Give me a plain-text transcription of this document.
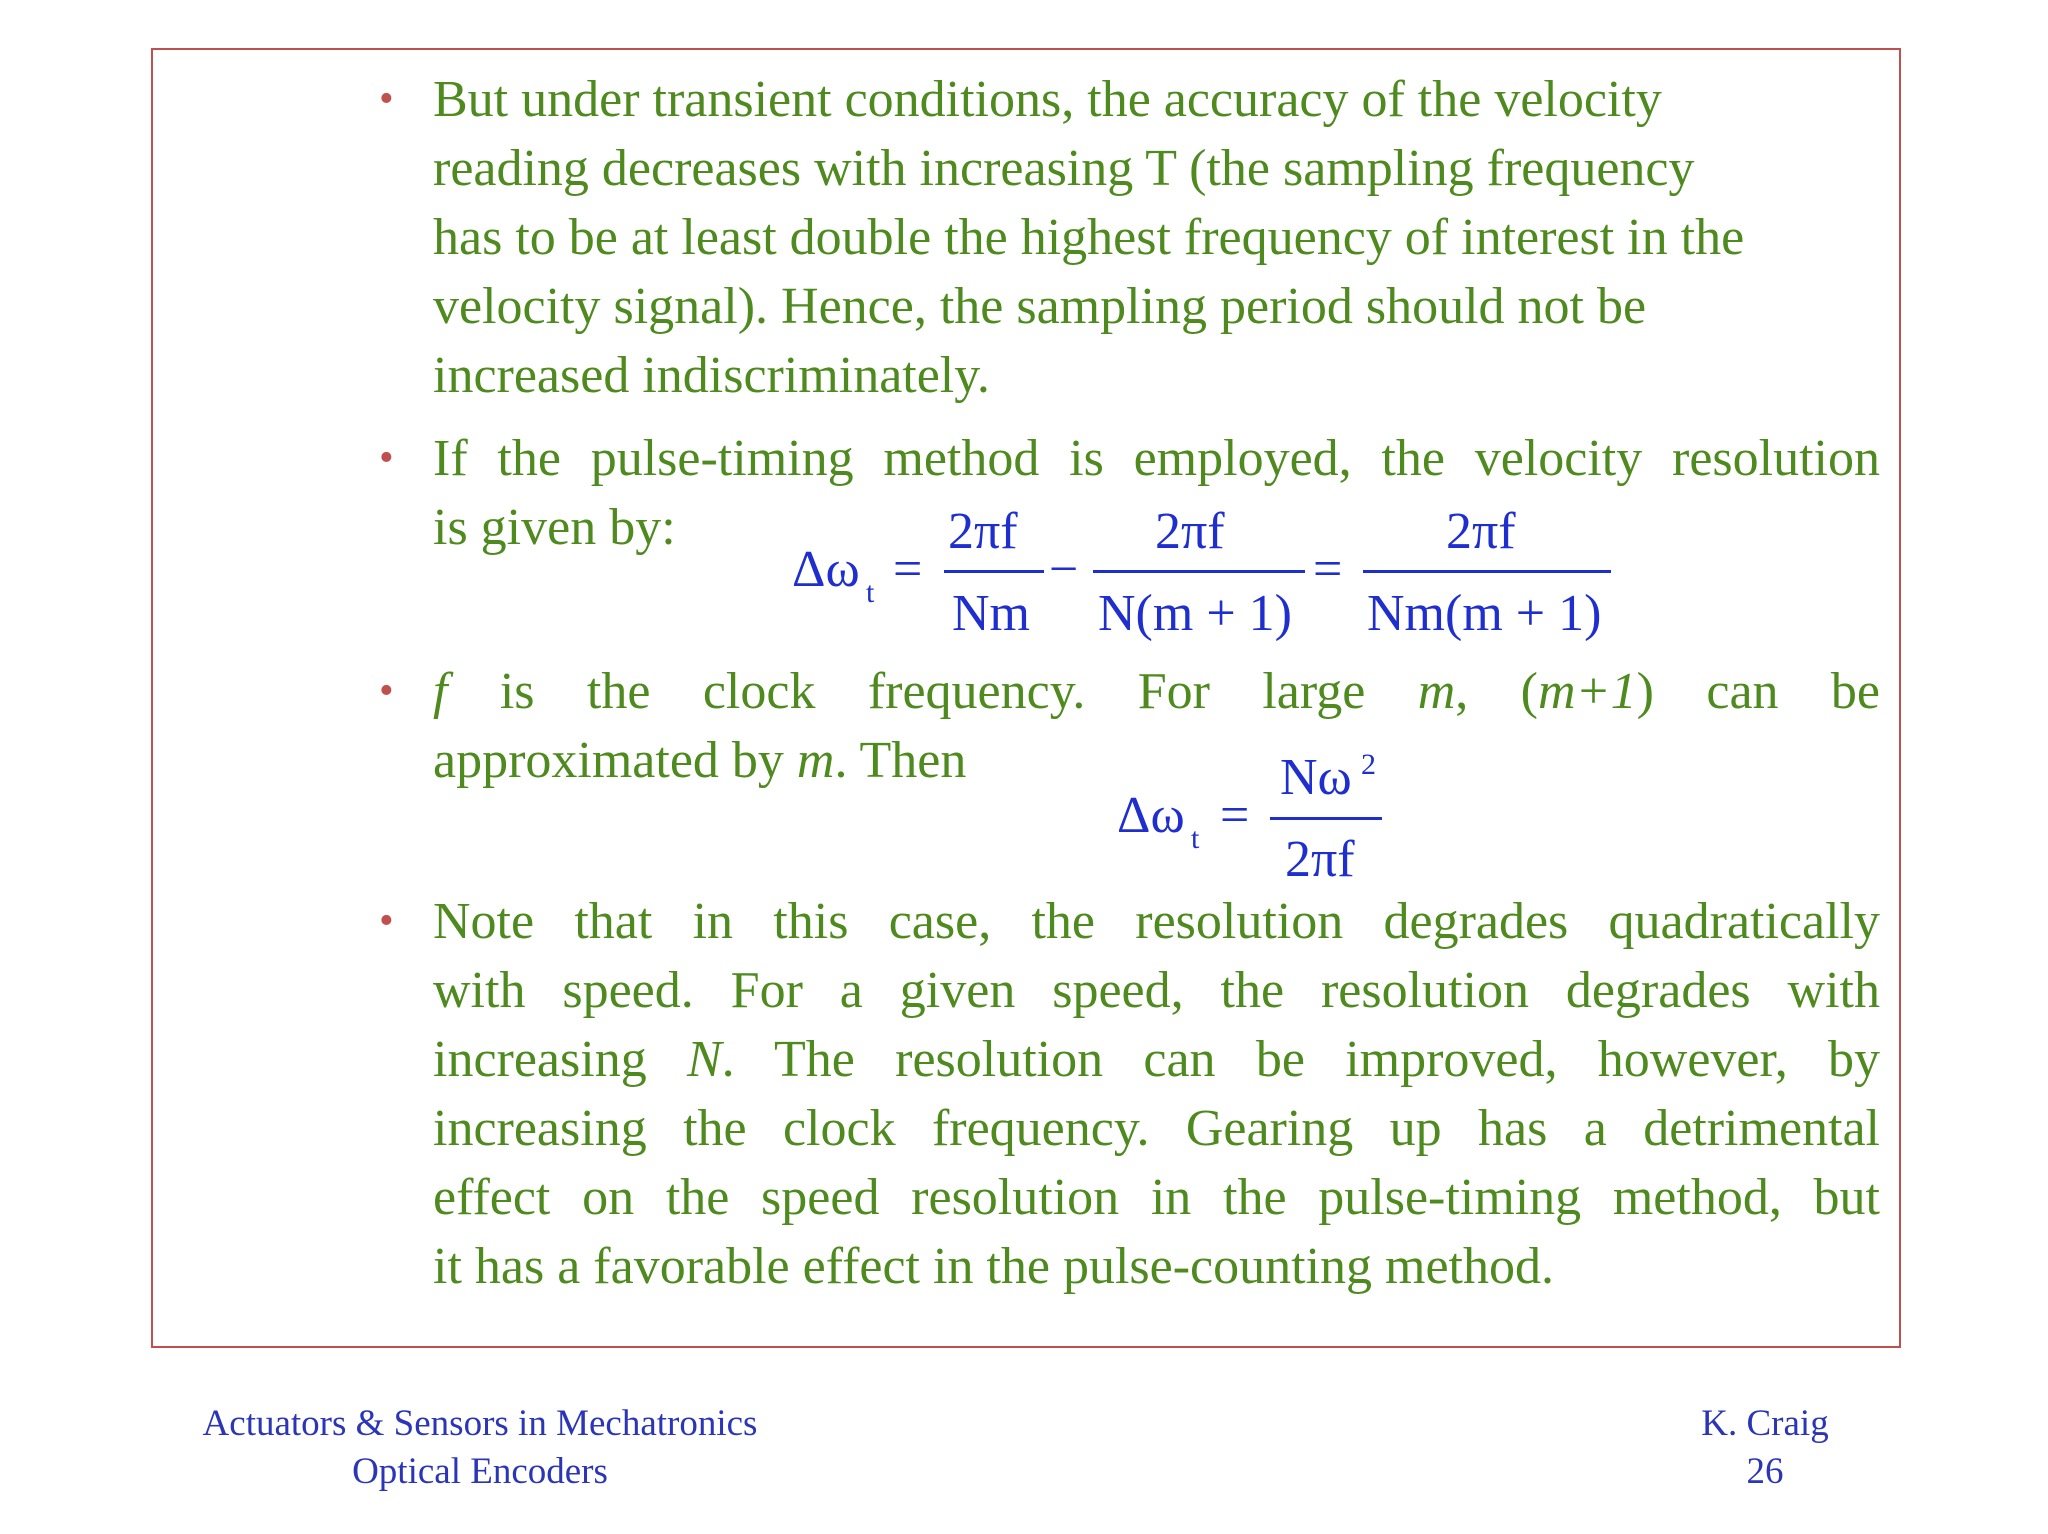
• But under transient conditions, the accuracy of the velocity
reading decreases with increasing T (the sampling frequency
has to be at least double the highest frequency of interest in the
velocity signal). Hence, the sampling period should not be
increased indiscriminately.
• If the pulse-timing method is employed, the velocity resolution
is given by:
Δω t =
2πf
Nm
−
2πf
N(m + 1)
=
2πf
Nm(m + 1)
• f is the clock frequency. For large m, (m+1) can be
approximated by m. Then
Δω t =
Nω 2
2πf
• Note that in this case, the resolution degrades quadratically
with speed. For a given speed, the resolution degrades with
increasing N. The resolution can be improved, however, by
increasing the clock frequency. Gearing up has a detrimental
effect on the speed resolution in the pulse-timing method, but
it has a favorable effect in the pulse-counting method.
Actuators & Sensors in Mechatronics
Optical Encoders
K. Craig
26
